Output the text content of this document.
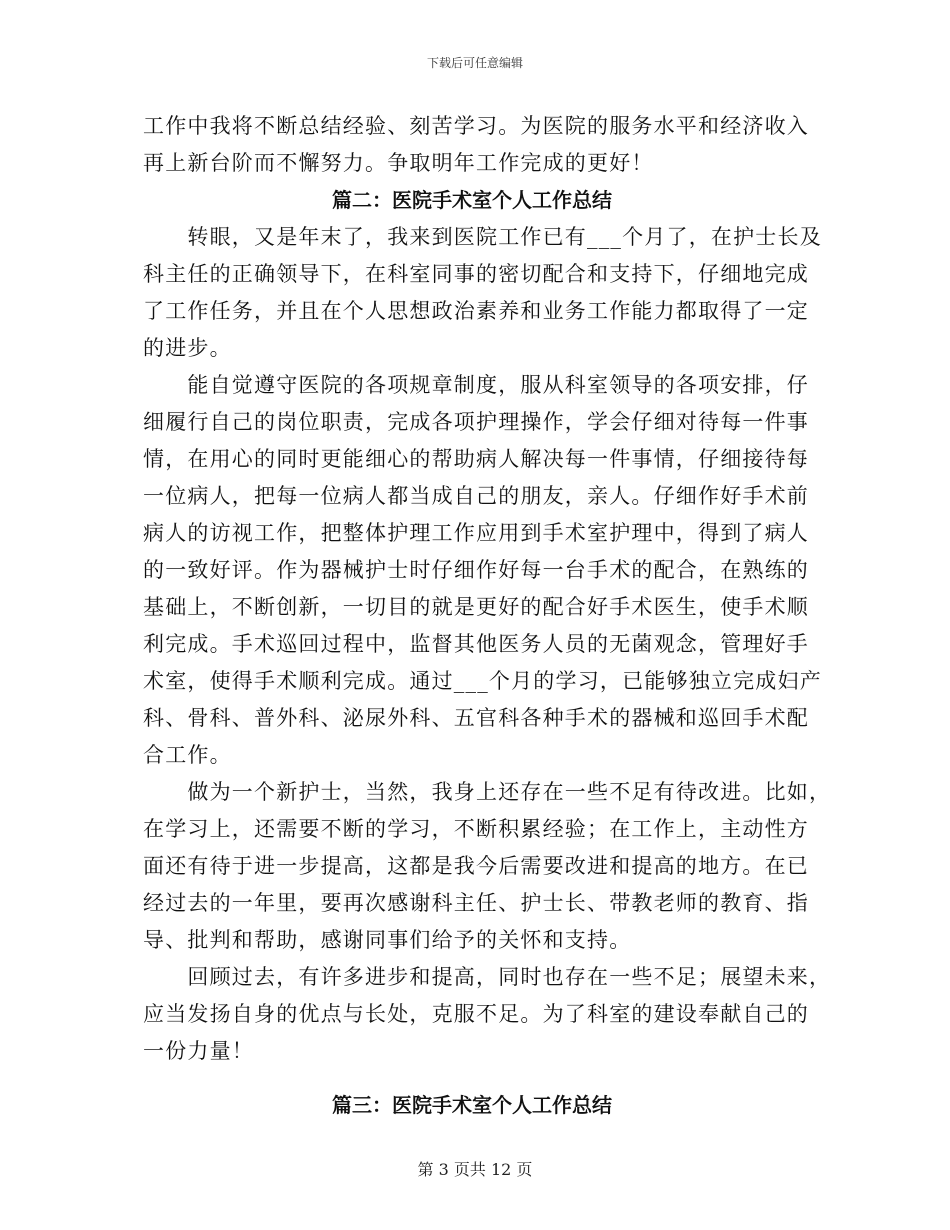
下载后可任意编辑
工作中我将不断总结经验、刻苦学习。为医院的服务水平和经济收入
再上新台阶而不懈努力。争取明年工作完成的更好！
篇二：医院手术室个人工作总结
　　转眼，又是年末了，我来到医院工作已有___个月了，在护士长及
科主任的正确领导下，在科室同事的密切配合和支持下，仔细地完成
了工作任务，并且在个人思想政治素养和业务工作能力都取得了一定
的进步。
　　能自觉遵守医院的各项规章制度，服从科室领导的各项安排，仔
细履行自己的岗位职责，完成各项护理操作，学会仔细对待每一件事
情，在用心的同时更能细心的帮助病人解决每一件事情，仔细接待每
一位病人，把每一位病人都当成自己的朋友，亲人。仔细作好手术前
病人的访视工作，把整体护理工作应用到手术室护理中，得到了病人
的一致好评。作为器械护士时仔细作好每一台手术的配合，在熟练的
基础上，不断创新，一切目的就是更好的配合好手术医生，使手术顺
利完成。手术巡回过程中，监督其他医务人员的无菌观念，管理好手
术室，使得手术顺利完成。通过___个月的学习，已能够独立完成妇产
科、骨科、普外科、泌尿外科、五官科各种手术的器械和巡回手术配
合工作。
　　做为一个新护士，当然，我身上还存在一些不足有待改进。比如，
在学习上，还需要不断的学习，不断积累经验；在工作上，主动性方
面还有待于进一步提高，这都是我今后需要改进和提高的地方。在已
经过去的一年里，要再次感谢科主任、护士长、带教老师的教育、指
导、批判和帮助，感谢同事们给予的关怀和支持。
　　回顾过去，有许多进步和提高，同时也存在一些不足；展望未来，
应当发扬自身的优点与长处，克服不足。为了科室的建设奉献自己的
一份力量！
篇三：医院手术室个人工作总结
第 3 页共 12 页
